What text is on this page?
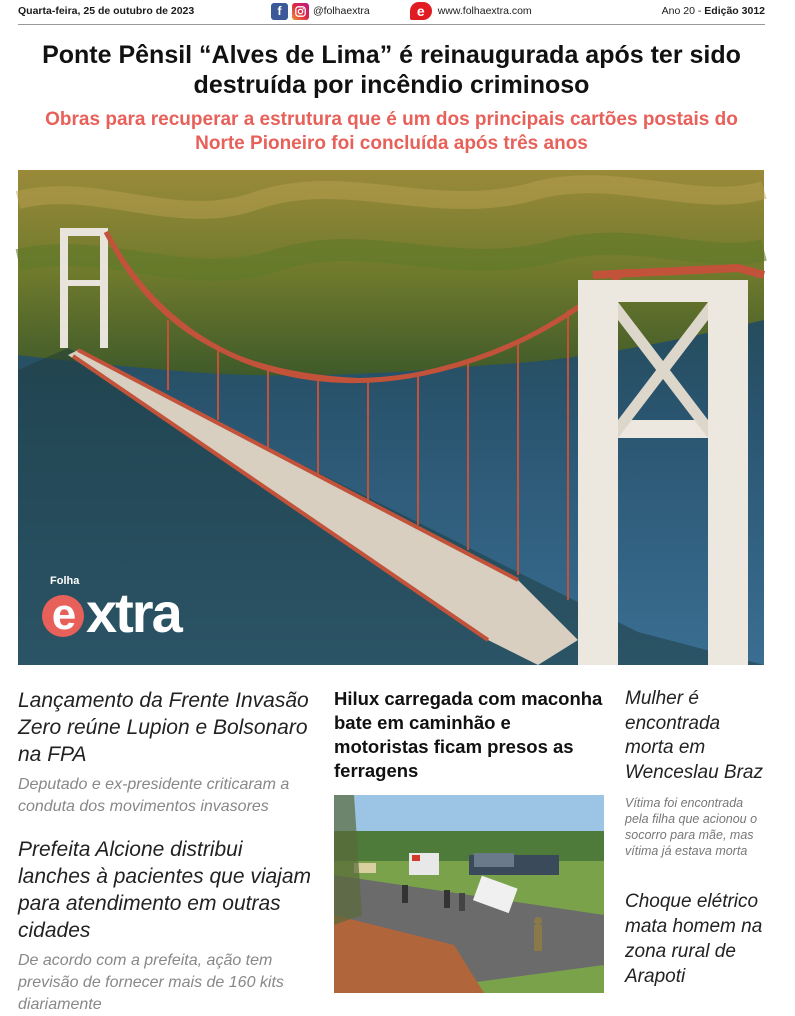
Quarta-feira, 25 de outubro de 2023	f	@folhaextra	e	www.folhaextra.com	Ano 20 - Edição 3012
Ponte Pênsil “Alves de Lima” é reinaugurada após ter sido destruída por incêndio criminoso
Obras para recuperar a estrutura que é um dos principais cartões postais do Norte Pioneiro foi concluída após três anos
Folha
e xtra
Lançamento da Frente Invasão Zero reúne Lupion e Bolsonaro na FPA
Deputado e ex-presidente criticaram a conduta dos movimentos invasores
Prefeita Alcione distribui lanches à pacientes que viajam para atendimento em outras cidades
De acordo com a prefeita, ação tem previsão de fornecer mais de 160 kits diariamente
Hilux carregada com maconha bate em caminhão e motoristas ficam presos as ferragens
Mulher é encontrada morta em Wenceslau Braz
Vítima foi encontrada pela filha que acionou o socorro para mãe, mas vítima já estava morta
Choque elétrico mata homem na zona rural de Arapoti
